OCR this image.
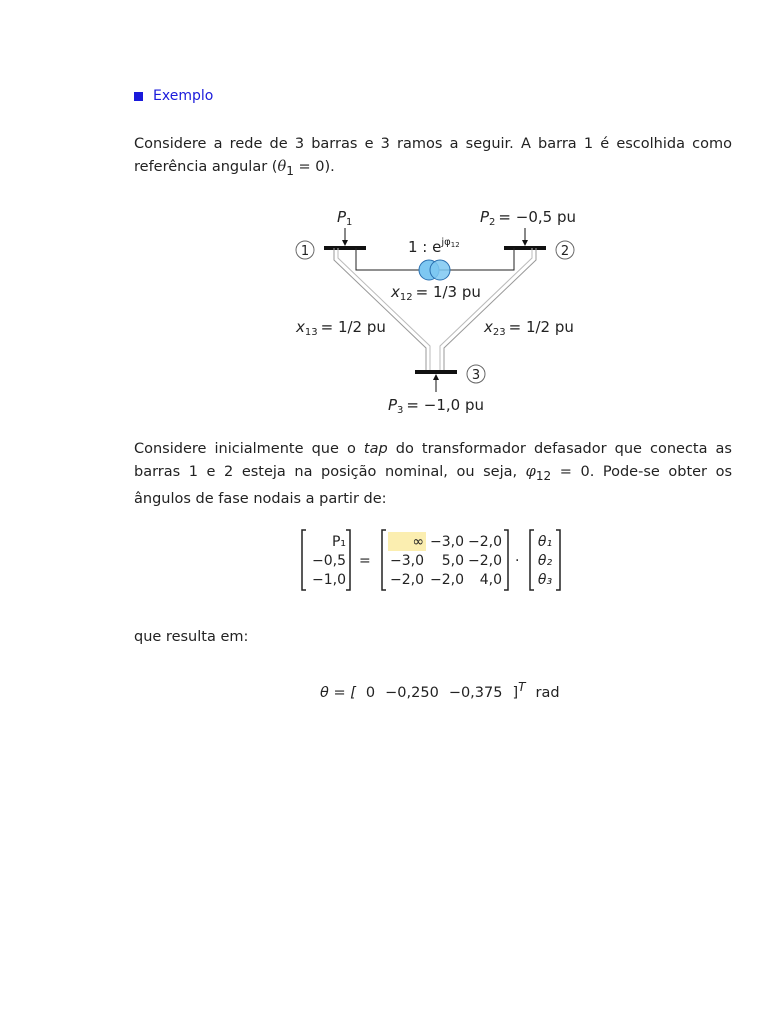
Exemplo
Considere a rede de 3 barras e 3 ramos a seguir. A barra 1 é escolhida como referência angular $(\theta_1 = 0)$.
1	2
3
$P_1$	$P_2 = -0,5$ pu
1 : $e^{j\varphi}12$
$x_{12} = 1/3$ pu
$x_{13} = 1/2$ pu	$x_{23} = 1/2$ pu
$P_3 = -1,0$ pu
Considere inicialmente que o tap do transformador defasador que conecta as barras 1 e 2 esteja na posição nominal, ou seja, $\varphi_{12} = 0$. Pode-se obter os ângulos de fase nodais a partir de:
P₁
−0,5
−1,0
=
∞ −3,0 −2,0
−3,0 5,0 −2,0
−2,0 −2,0 4,0
·
θ₁
θ₂
θ₃
que resulta em:
θ = [ 0 −0,250 −0,375 ]$^T$ rad
